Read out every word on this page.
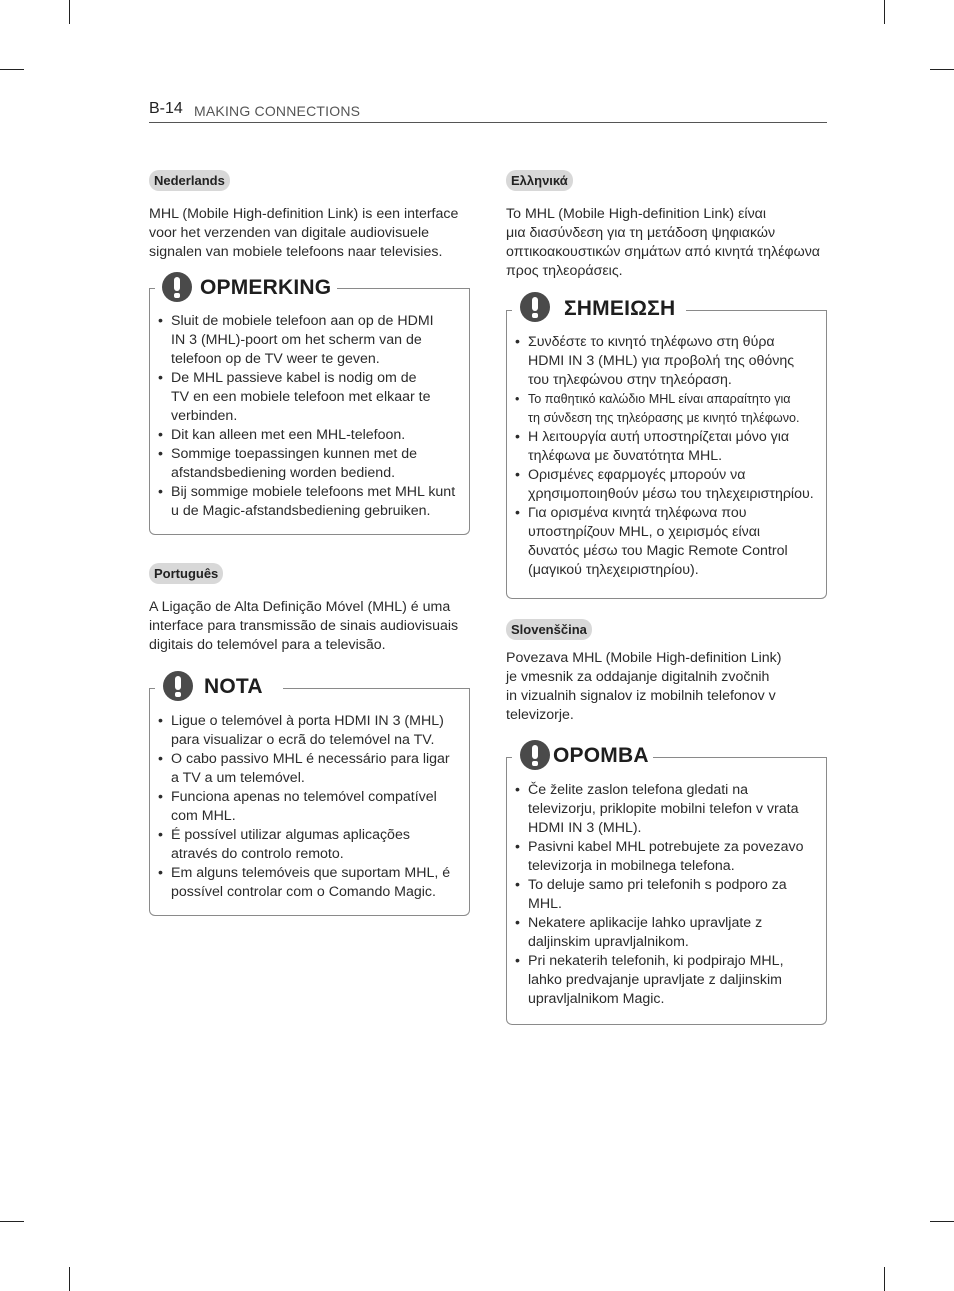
B-14 MAKING CONNECTIONS
Nederlands

MHL (Mobile High-definition Link) is een interface

voor het verzenden van digitale audiovisuele

signalen van mobiele telefoons naar televisies.

OPMERKING
• Sluit de mobiele telefoon aan op de HDMI
IN 3 (MHL)-poort om het scherm van de
telefoon op de TV weer te geven.
• De MHL passieve kabel is nodig om de
TV en een mobiele telefoon met elkaar te
verbinden.
• Dit kan alleen met een MHL-telefoon.
• Sommige toepassingen kunnen met de
afstandsbediening worden bediend.
• Bij sommige mobiele telefoons met MHL kunt
u de Magic-afstandsbediening gebruiken.
Português

A Ligação de Alta Definição Móvel (MHL) é uma

interface para transmissão de sinais audiovisuais

digitais do telemóvel para a televisão.

NOTA
• Ligue o telemóvel à porta HDMI IN 3 (MHL)
para visualizar o ecrã do telemóvel na TV.
• O cabo passivo MHL é necessário para ligar
a TV a um telemóvel.
• Funciona apenas no telemóvel compatível
com MHL.
• É possível utilizar algumas aplicações
através do controlo remoto.
• Em alguns telemóveis que suportam MHL, é
possível controlar com o Comando Magic.
Ελληνικά

Το MHL (Mobile High-definition Link) είναι

μια διασύνδεση για τη μετάδοση ψηφιακών

οπτικοακουστικών σημάτων από κινητά τηλέφωνα

προς τηλεοράσεις.

ΣΗΜΕΙΩΣΗ
• Συνδέστε το κινητό τηλέφωνο στη θύρα
HDMI IN 3 (MHL) για προβολή της οθόνης
του τηλεφώνου στην τηλεόραση.
• Το παθητικό καλώδιο MHL είναι απαραίτητο για
τη σύνδεση της τηλεόρασης με κινητό τηλέφωνο.
• Η λειτουργία αυτή υποστηρίζεται μόνο για
τηλέφωνα με δυνατότητα MHL.
• Ορισμένες εφαρμογές μπορούν να
χρησιμοποιηθούν μέσω του τηλεχειριστηρίου.
• Για ορισμένα κινητά τηλέφωνα που
υποστηρίζουν MHL, ο χειρισμός είναι
δυνατός μέσω του Magic Remote Control
(μαγικού τηλεχειριστηρίου).
Slovenščina

Povezava MHL (Mobile High-definition Link)

je vmesnik za oddajanje digitalnih zvočnih

in vizualnih signalov iz mobilnih telefonov v

televizorje.

OPOMBA
• Če želite zaslon telefona gledati na
televizorju, priklopite mobilni telefon v vrata
HDMI IN 3 (MHL).
• Pasivni kabel MHL potrebujete za povezavo
televizorja in mobilnega telefona.
• To deluje samo pri telefonih s podporo za
MHL.
• Nekatere aplikacije lahko upravljate z
daljinskim upravljalnikom.
• Pri nekaterih telefonih, ki podpirajo MHL,
lahko predvajanje upravljate z daljinskim
upravljalnikom Magic.
